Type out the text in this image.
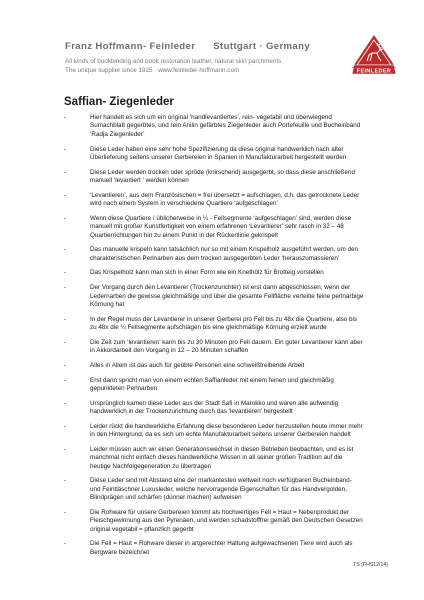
Franz Hoffmann- Feinleder Stuttgart · Germany
All kinds of bookbinding and book restoration leather, natural skin parchments
The unique supplier since 1925 · www.feinleder-hoffmann.com	FEINLEDER
Saffian- Ziegenleder
-	Hier handelt es sich um ein original ‘handlevantiertes’, rein- vegetabil und überwiegend Sumachblatt gegerbtes, und rein Anilin gefärbtes Ziegenleder auch Portefeuille und Bucheinband ‘Radja Ziegenleder’
-	Diese Leder haben eine sehr hohe Spezifizierung da diese original handwerklich nach alter Überlieferung seitens unserer Gerbereien in Spanien in Manufakturarbeit hergestellt werden
-	Diese Leder werden trocken oder spröde (knirschend) ausgegerbt, so dass diese anschließend manuell ‘levantiert ‘ werden können
-	‘Levantieren’, aus dem Französischen = frei übersetzt = aufschlagen, d.h. das getrocknete Leder wird nach einem System in verschiedene Quartiere ‘aufgeschlagen’
-	Wenn diese Quartiere / üblicherweise in ¼ - Fellsegmente ‘aufgeschlagen’ sind, werden diese manuell mit großer Kunstfertigkeit von einem erfahrenen ‘Levantierer’ sehr rasch in 32 – 48 Quartierrichtungen hin zu einem Punkt in der Rückenlinie gekrispelt
-	Das manuelle krispeln kann tatsächlich nur so mit einem Krispelholz ausgeführt werden, um den charakteristischen Perlnarben aus dem trocken ausgegerbten Leder ‘herauszumassieren’
-	Das Krispelholz kann man sich in einer Form wie ein Knethölz für Brotteig vorstellen
-	Der Vorgang durch den Levantierer (Trockenzurichter) ist erst dann abgeschlossen, wenn der Ledernarben die gewisse gleichmäßige und über die gesamte Fellfläche verteilte feine perlnarbige Körnung hat
-	In der Regel muss der Levantierer in unserer Gerberei pro Fell bis zu 48x die Quartiere, also bis zu 48x die ¼ Fellsegmente aufschlagen bis eine gleichmäßige Körnung erzielt wurde
-	Die Zeit zum ‘levantieren’ kann bis zu 30 Minuten pro Fell dauern. Ein guter Levantierer kann aber in Akkordarbeit den Vorgang in 12 – 20 Minuten schaffen
-	Alles in Allem ist das auch für geübte Personen eine schweißtreibende Arbeit
-	Erst dann spricht man von einem echten Saffianleder mit einem feinen und gleichmäßig gepunkteten Perlnarben
-	Ursprünglich kamen diese Leder aus der Stadt Safi in Marokko und waren alle aufwendig handwerklich in der Trockenzurichtung durch das ‘levantieren’ hergestellt
-	Leider rückt die handwerkliche Erfahrung diese besonderen Leder herzustellen heute immer mehr in den Hintergrund, da es sich um echte Manufakturarbeit seitens unserer Gerbereien handelt
-	Leider müssen auch wir einen Generationswechsel in diesen Betrieben beobachten, und es ist manchmal nicht einfach dieses handwerkliche Wissen in all seiner großen Tradition auf die heutige Nachfolgegeneration zu übertragen
-	Diese Leder sind mit Abstand eine der markantesten weltweit noch verfügbaren Bucheinband- und Feintläschner Luxusleder, welche hervorragende Eigenschaften für das Handvergolden, Blindprägen und schärfen (dünner machen) aufweisen
-	Die Rohware für unsere Gerbereien kommt als hochwertiges Fell = Haut = Nebenprodukt der Fleischgewinnung aus den Pyrenäen, und werden schadstofffrei gemäß den Deutschen Gesetzen original vegetabil = pflanzlich gegerbt
-	Die Fell = Haut = Rohware dieser in artgerechter Haltung aufgewachsenen Tiere wird auch als Bergware bezeichnet
TS (FHS12/14)
